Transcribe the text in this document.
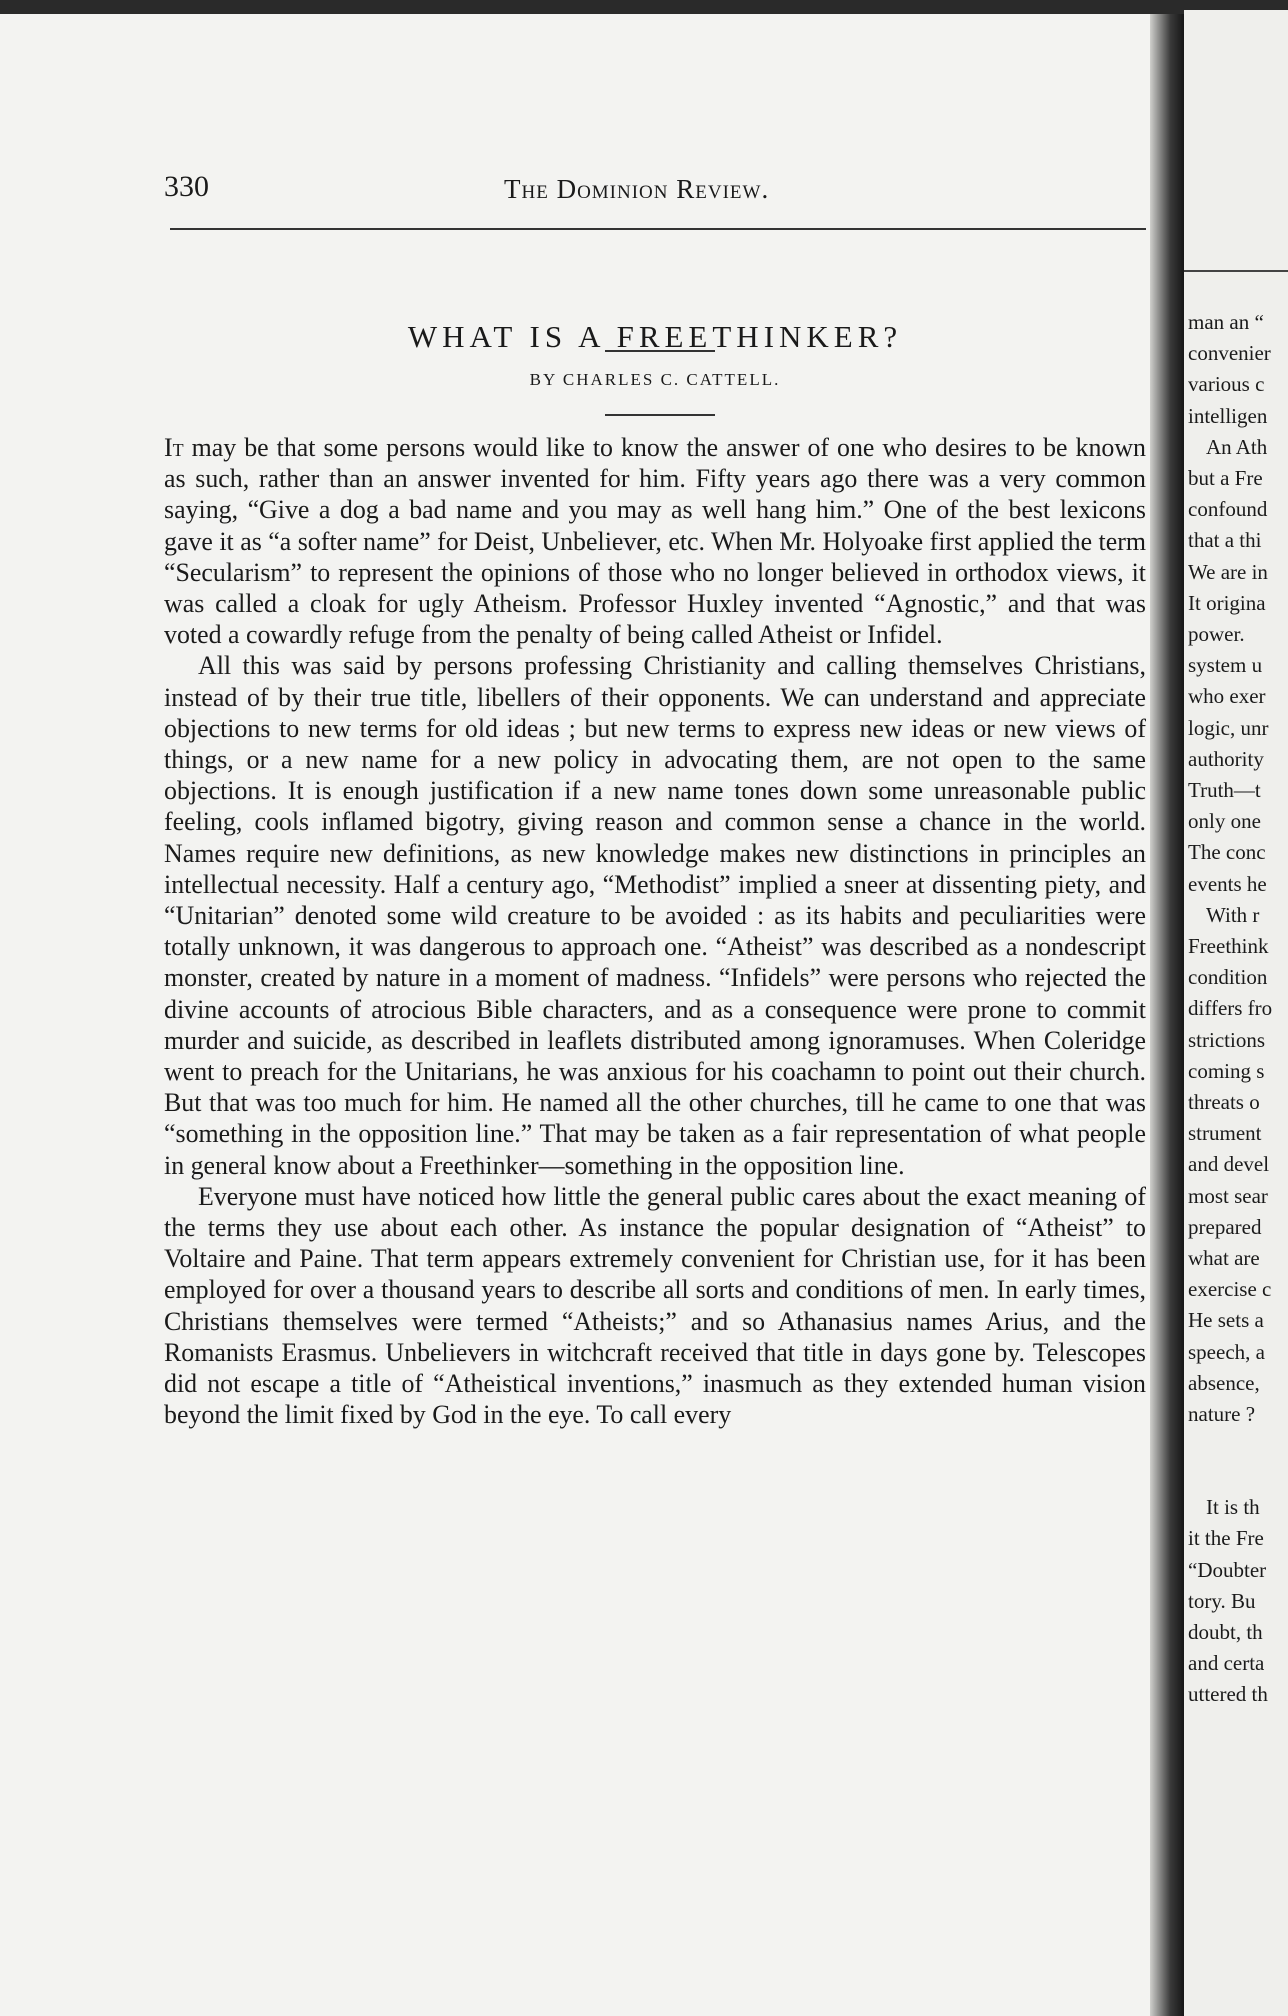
330	The Dominion Review.
WHAT IS A FREETHINKER?
BY CHARLES C. CATTELL.

It may be that some persons would like to know the answer of one who desires to be known as such, rather than an answer invented for him. Fifty years ago there was a very common saying, “Give a dog a bad name and you may as well hang him.” One of the best lexicons gave it as “a softer name” for Deist, Unbeliever, etc. When Mr. Holyoake first applied the term “Secularism” to represent the opinions of those who no longer believed in orthodox views, it was called a cloak for ugly Atheism. Professor Huxley invented “Agnostic,” and that was voted a cowardly refuge from the penalty of being called Atheist or Infidel.

All this was said by persons professing Christianity and calling themselves Christians, instead of by their true title, libellers of their opponents. We can understand and appreciate objections to new terms for old ideas ; but new terms to express new ideas or new views of things, or a new name for a new policy in advocating them, are not open to the same objections. It is enough justification if a new name tones down some unreasonable public feeling, cools inflamed bigotry, giving reason and common sense a chance in the world. Names require new definitions, as new knowledge makes new distinctions in principles an intellectual necessity. Half a century ago, “Methodist” implied a sneer at dissenting piety, and “Unitarian” denoted some wild creature to be avoided : as its habits and peculiarities were totally unknown, it was dangerous to approach one. “Atheist” was described as a nondescript monster, created by nature in a moment of madness. “Infidels” were persons who rejected the divine accounts of atrocious Bible characters, and as a consequence were prone to commit murder and suicide, as described in leaflets distributed among ignoramuses. When Coleridge went to preach for the Unitarians, he was anxious for his coachamn to point out their church. But that was too much for him. He named all the other churches, till he came to one that was “something in the opposition line.” That may be taken as a fair representation of what people in general know about a Freethinker—something in the opposition line.

Everyone must have noticed how little the general public cares about the exact meaning of the terms they use about each other. As instance the popular designation of “Atheist” to Voltaire and Paine. That term appears extremely convenient for Christian use, for it has been employed for over a thousand years to describe all sorts and conditions of men. In early times, Christians themselves were termed “Atheists;” and so Athanasius names Arius, and the Romanists Erasmus. Unbelievers in witchcraft received that title in days gone by. Telescopes did not escape a title of “Atheistical inventions,” inasmuch as they extended human vision beyond the limit fixed by God in the eye. To call every

man an “
convenier
various c
intelligen
An Ath
but a Fre
confound
that a thi
We are in
It origina
power.
system u
who exer
logic, unr
authority
Truth—t
only one
The conc
events he
With r
Freethink
condition
differs fro
strictions
coming s
threats o
strument
and devel
most sear
prepared
what are
exercise c
He sets a
speech, a
absence,
nature ?
It is th
it the Fre
“Doubter
tory. Bu
doubt, th
and certa
uttered th
